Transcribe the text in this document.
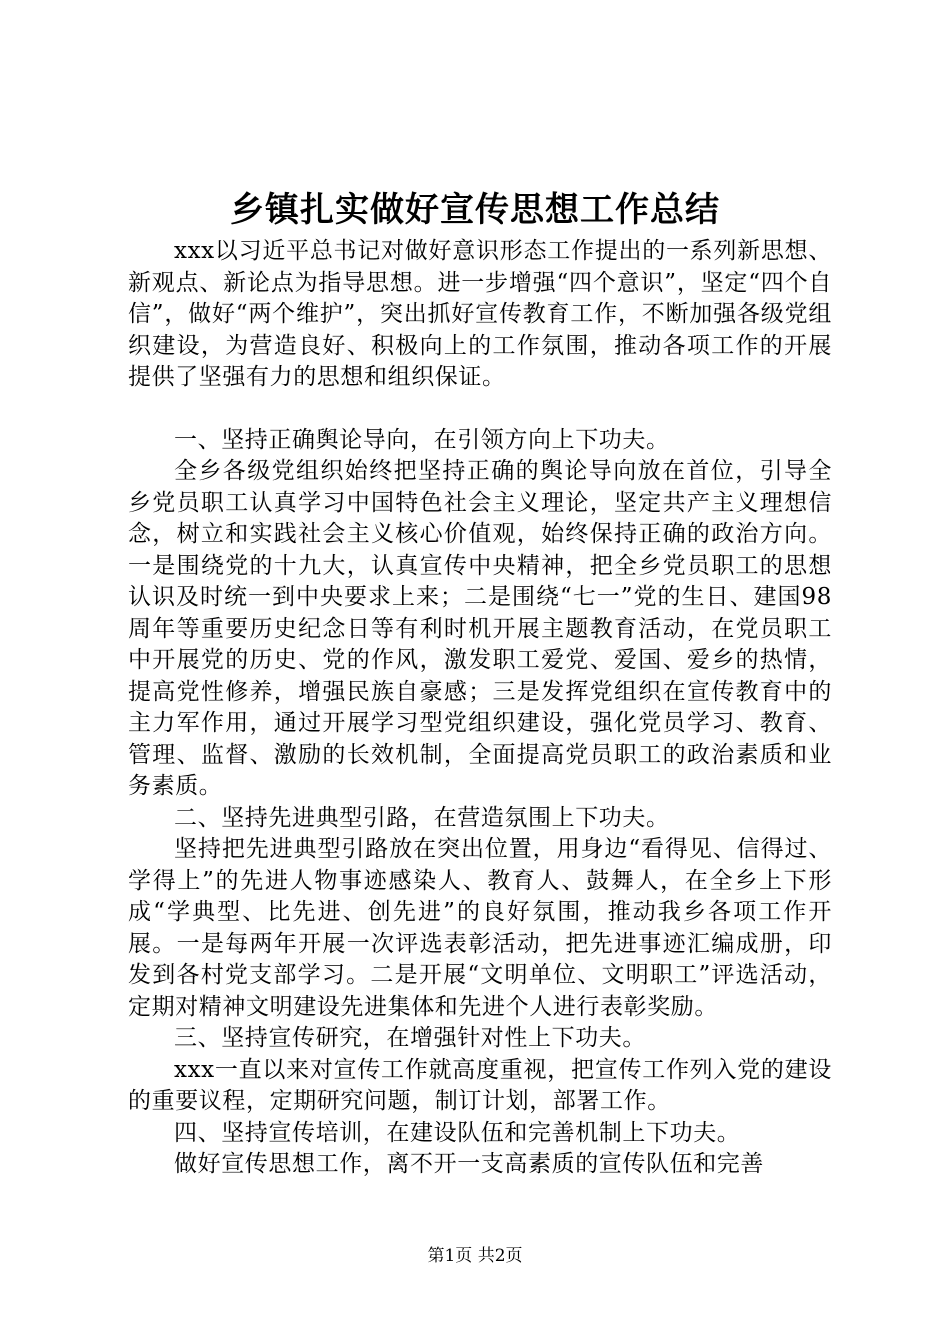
乡镇扎实做好宣传思想工作总结

xxx以习近平总书记对做好意识形态工作提出的一系列新思想、新观点、新论点为指导思想。进一步增强“四个意识”，坚定“四个自信”，做好“两个维护”，突出抓好宣传教育工作，不断加强各级党组织建设，为营造良好、积极向上的工作氛围，推动各项工作的开展提供了坚强有力的思想和组织保证。

一、坚持正确舆论导向，在引领方向上下功夫。

全乡各级党组织始终把坚持正确的舆论导向放在首位，引导全乡党员职工认真学习中国特色社会主义理论，坚定共产主义理想信念，树立和实践社会主义核心价值观，始终保持正确的政治方向。一是围绕党的十九大，认真宣传中央精神，把全乡党员职工的思想认识及时统一到中央要求上来；二是围绕“七一”党的生日、建国98周年等重要历史纪念日等有利时机开展主题教育活动，在党员职工中开展党的历史、党的作风，激发职工爱党、爱国、爱乡的热情，提高党性修养，增强民族自豪感；三是发挥党组织在宣传教育中的主力军作用，通过开展学习型党组织建设，强化党员学习、教育、管理、监督、激励的长效机制，全面提高党员职工的政治素质和业务素质。

二、坚持先进典型引路，在营造氛围上下功夫。

坚持把先进典型引路放在突出位置，用身边“看得见、信得过、学得上”的先进人物事迹感染人、教育人、鼓舞人，在全乡上下形成“学典型、比先进、创先进”的良好氛围，推动我乡各项工作开展。一是每两年开展一次评选表彰活动，把先进事迹汇编成册，印发到各村党支部学习。二是开展“文明单位、文明职工”评选活动，定期对精神文明建设先进集体和先进个人进行表彰奖励。

三、坚持宣传研究，在增强针对性上下功夫。

xxx一直以来对宣传工作就高度重视，把宣传工作列入党的建设的重要议程，定期研究问题，制订计划，部署工作。

四、坚持宣传培训，在建设队伍和完善机制上下功夫。

做好宣传思想工作，离不开一支高素质的宣传队伍和完善

第1页 共2页
